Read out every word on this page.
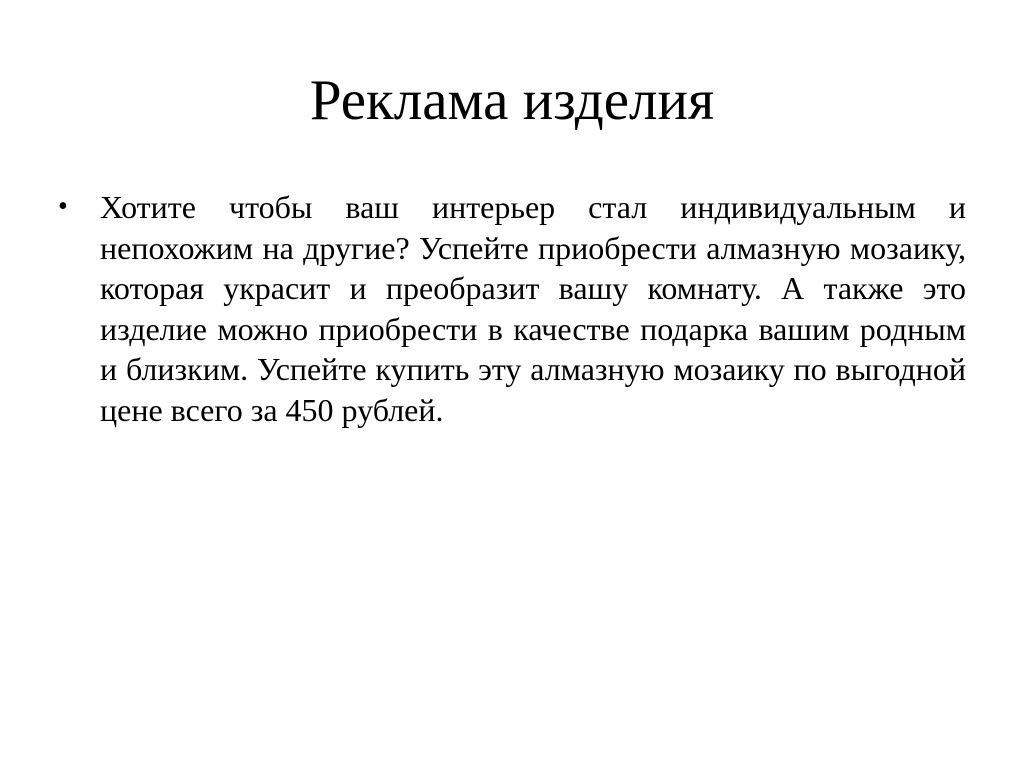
Реклама изделия
• Хотите чтобы ваш интерьер стал индивидуальным и непохожим на другие? Успейте приобрести алмазную мозаику, которая украсит и преобразит вашу комнату. А также это изделие можно приобрести в качестве подарка вашим родным и близким. Успейте купить эту алмазную мозаику по выгодной цене всего за 450 рублей.
